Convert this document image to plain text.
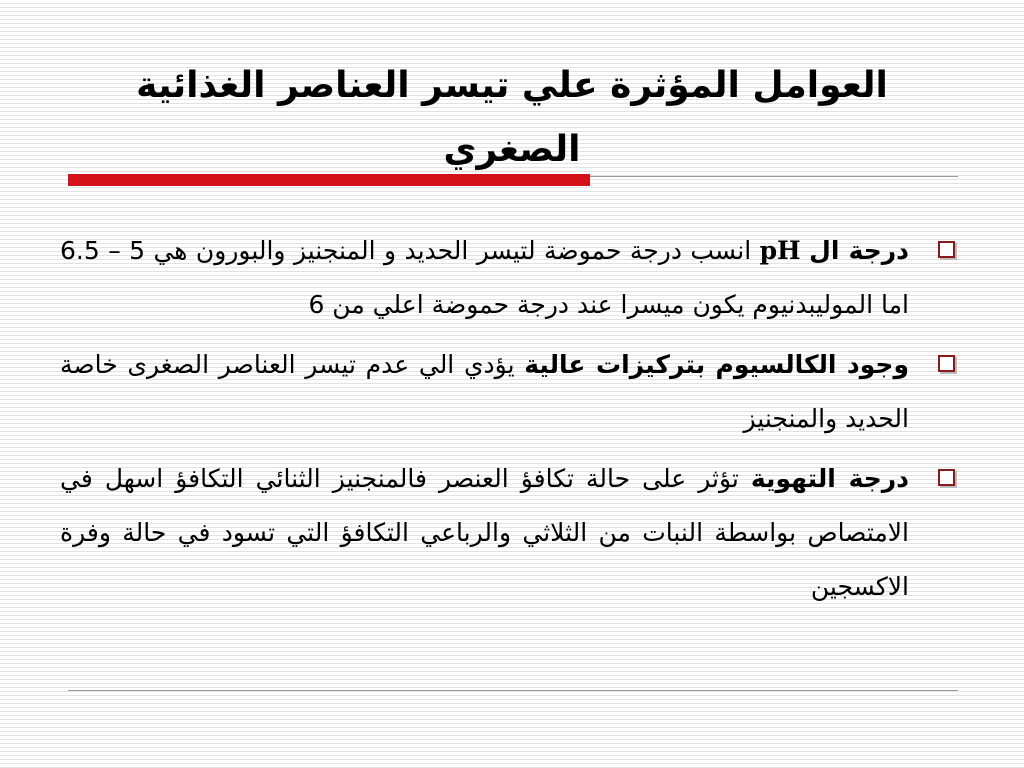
العوامل المؤثرة علي تيسر العناصر الغذائية
الصغري
درجة ال pH انسب درجة حموضة لتيسر الحديد و المنجنيز والبورون هي 5 – 6.5 اما الموليبدنيوم يكون ميسرا عند درجة حموضة اعلي من 6
وجود الكالسيوم بتركيزات عالية يؤدي الي عدم تيسر العناصر الصغرى خاصة الحديد والمنجنيز
درجة التهوية تؤثر على حالة تكافؤ العنصر فالمنجنيز الثنائي التكافؤ اسهل في الامتصاص بواسطة النبات من الثلاثي والرباعي التكافؤ التي تسود في حالة وفرة الاكسجين
